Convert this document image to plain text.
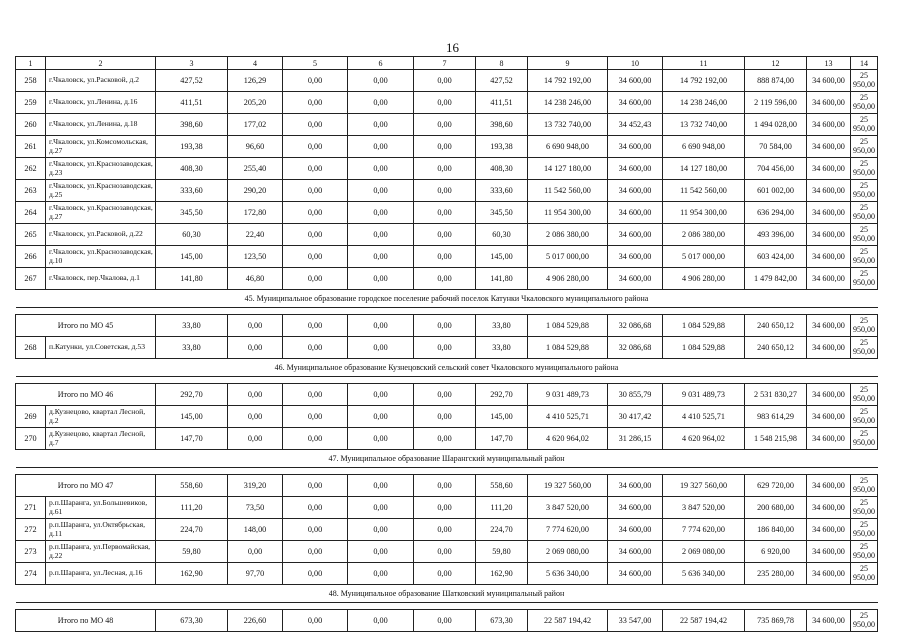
16
1	2	3	4	5	6	7	8	9	10	11	12	13	14
258	г.Чкаловск, ул.Расковой, д.2	427,52	126,29	0,00	0,00	0,00	427,52	14 792 192,00	34 600,00	14 792 192,00	888 874,00	34 600,00	25 950,00
259	г.Чкаловск, ул.Ленина, д.16	411,51	205,20	0,00	0,00	0,00	411,51	14 238 246,00	34 600,00	14 238 246,00	2 119 596,00	34 600,00	25 950,00
260	г.Чкаловск, ул.Ленина, д.18	398,60	177,02	0,00	0,00	0,00	398,60	13 732 740,00	34 452,43	13 732 740,00	1 494 028,00	34 600,00	25 950,00
261	г.Чкаловск, ул.Комсомольская, д.27	193,38	96,60	0,00	0,00	0,00	193,38	6 690 948,00	34 600,00	6 690 948,00	70 584,00	34 600,00	25 950,00
262	г.Чкаловск, ул.Краснозаводская, д.23	408,30	255,40	0,00	0,00	0,00	408,30	14 127 180,00	34 600,00	14 127 180,00	704 456,00	34 600,00	25 950,00
263	г.Чкаловск, ул.Краснозаводская, д.25	333,60	290,20	0,00	0,00	0,00	333,60	11 542 560,00	34 600,00	11 542 560,00	601 002,00	34 600,00	25 950,00
264	г.Чкаловск, ул.Краснозаводская, д.27	345,50	172,80	0,00	0,00	0,00	345,50	11 954 300,00	34 600,00	11 954 300,00	636 294,00	34 600,00	25 950,00
265	г.Чкаловск, ул.Расковой, д.22	60,30	22,40	0,00	0,00	0,00	60,30	2 086 380,00	34 600,00	2 086 380,00	493 396,00	34 600,00	25 950,00
266	г.Чкаловск, ул.Краснозаводская, д.10	145,00	123,50	0,00	0,00	0,00	145,00	5 017 000,00	34 600,00	5 017 000,00	603 424,00	34 600,00	25 950,00
267	г.Чкаловск, пер.Чкалова, д.1	141,80	46,80	0,00	0,00	0,00	141,80	4 906 280,00	34 600,00	4 906 280,00	1 479 842,00	34 600,00	25 950,00
45. Муниципальное образование городское поселение рабочий поселок Катунки Чкаловского муниципального района													

Итого по МО 45		33,80	0,00	0,00	0,00	0,00	33,80	1 084 529,88	32 086,68	1 084 529,88	240 650,12	34 600,00	25 950,00
268	п.Катунки, ул.Советская, д.53	33,80	0,00	0,00	0,00	0,00	33,80	1 084 529,88	32 086,68	1 084 529,88	240 650,12	34 600,00	25 950,00
46. Муниципальное образование Кузнецовский сельский совет Чкаловского муниципального района													

Итого по МО 46		292,70	0,00	0,00	0,00	0,00	292,70	9 031 489,73	30 855,79	9 031 489,73	2 531 830,27	34 600,00	25 950,00
269	д.Кузнецово, квартал Лесной, д.2	145,00	0,00	0,00	0,00	0,00	145,00	4 410 525,71	30 417,42	4 410 525,71	983 614,29	34 600,00	25 950,00
270	д.Кузнецово, квартал Лесной, д.7	147,70	0,00	0,00	0,00	0,00	147,70	4 620 964,02	31 286,15	4 620 964,02	1 548 215,98	34 600,00	25 950,00
47. Муниципальное образование Шарангский муниципальный район													

Итого по МО 47		558,60	319,20	0,00	0,00	0,00	558,60	19 327 560,00	34 600,00	19 327 560,00	629 720,00	34 600,00	25 950,00
271	р.п.Шаранга, ул.Большевиков, д.61	111,20	73,50	0,00	0,00	0,00	111,20	3 847 520,00	34 600,00	3 847 520,00	200 680,00	34 600,00	25 950,00
272	р.п.Шаранга, ул.Октябрьская, д.11	224,70	148,00	0,00	0,00	0,00	224,70	7 774 620,00	34 600,00	7 774 620,00	186 840,00	34 600,00	25 950,00
273	р.п.Шаранга, ул.Первомайская, д.22	59,80	0,00	0,00	0,00	0,00	59,80	2 069 080,00	34 600,00	2 069 080,00	6 920,00	34 600,00	25 950,00
274	р.п.Шаранга, ул.Лесная, д.16	162,90	97,70	0,00	0,00	0,00	162,90	5 636 340,00	34 600,00	5 636 340,00	235 280,00	34 600,00	25 950,00
48. Муниципальное образование Шатковский муниципальный район													

Итого по МО 48		673,30	226,60	0,00	0,00	0,00	673,30	22 587 194,42	33 547,00	22 587 194,42	735 869,78	34 600,00	25 950,00
